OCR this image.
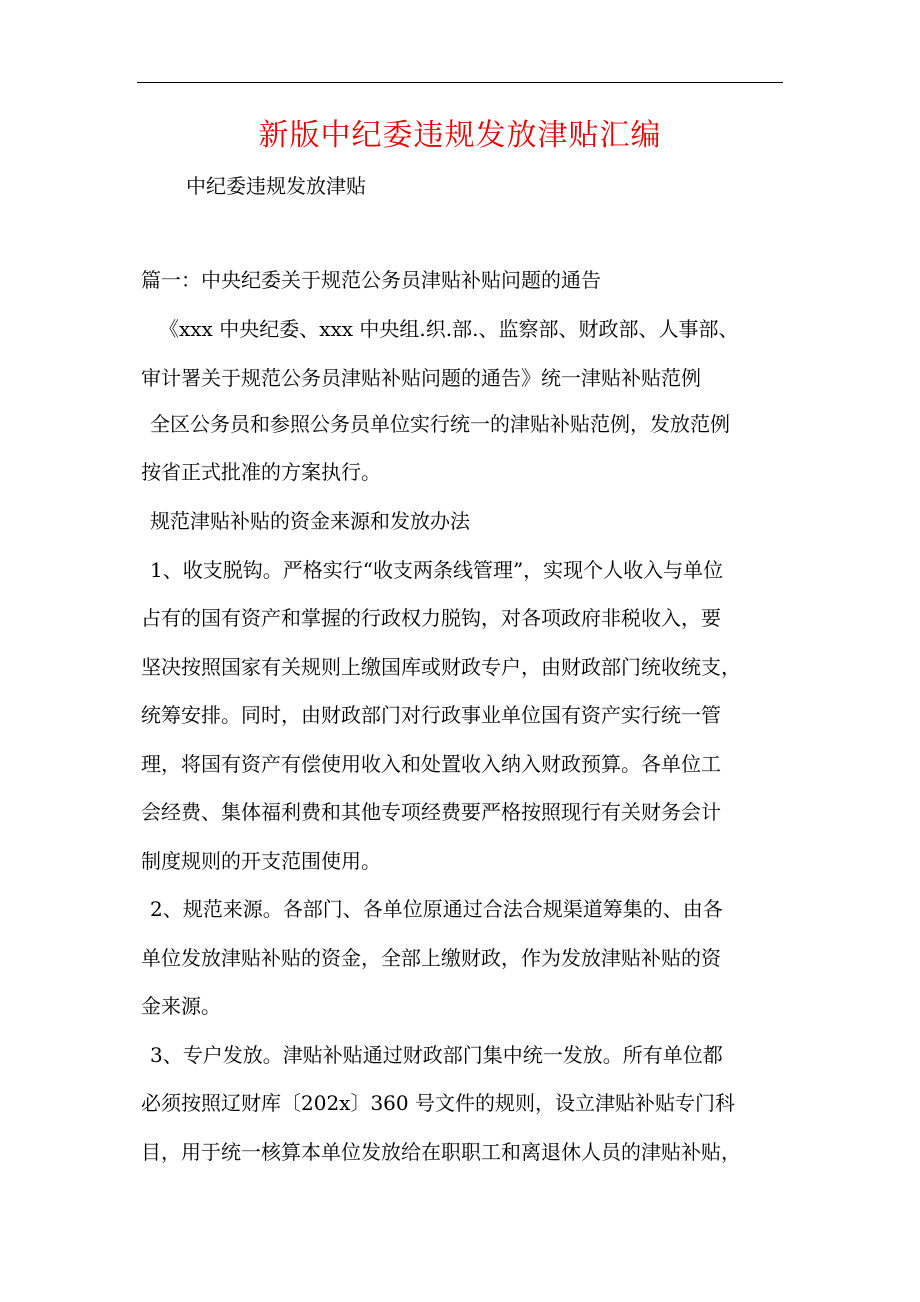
新版中纪委违规发放津贴汇编
中纪委违规发放津贴
篇一：中央纪委关于规范公务员津贴补贴问题的通告
《xxx 中央纪委、xxx 中央组.织.部.、监察部、财政部、人事部、
审计署关于规范公务员津贴补贴问题的通告》统一津贴补贴范例
全区公务员和参照公务员单位实行统一的津贴补贴范例，发放范例
按省正式批准的方案执行。
规范津贴补贴的资金来源和发放办法
1、收支脱钩。严格实行“收支两条线管理”，实现个人收入与单位
占有的国有资产和掌握的行政权力脱钩，对各项政府非税收入，要
坚决按照国家有关规则上缴国库或财政专户，由财政部门统收统支，
统筹安排。同时，由财政部门对行政事业单位国有资产实行统一管
理，将国有资产有偿使用收入和处置收入纳入财政预算。各单位工
会经费、集体福利费和其他专项经费要严格按照现行有关财务会计
制度规则的开支范围使用。
2、规范来源。各部门、各单位原通过合法合规渠道筹集的、由各
单位发放津贴补贴的资金，全部上缴财政，作为发放津贴补贴的资
金来源。
3、专户发放。津贴补贴通过财政部门集中统一发放。所有单位都
必须按照辽财库〔202x〕360 号文件的规则，设立津贴补贴专门科
目，用于统一核算本单位发放给在职职工和离退休人员的津贴补贴，
